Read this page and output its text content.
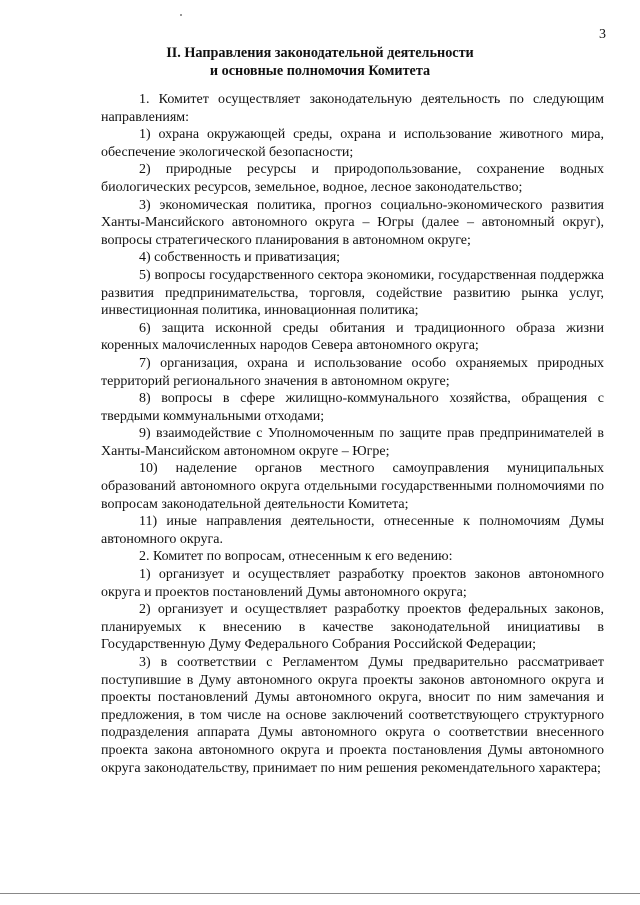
3
II. Направления законодательной деятельности
и основные полномочия Комитета

1. Комитет осуществляет законодательную деятельность по следующим направлениям:

1) охрана окружающей среды, охрана и использование животного мира, обеспечение экологической безопасности;

2) природные ресурсы и природопользование, сохранение водных биологических ресурсов, земельное, водное, лесное законодательство;

3) экономическая политика, прогноз социально-экономического развития Ханты-Мансийского автономного округа – Югры (далее – автономный округ), вопросы стратегического планирования в автономном округе;

4) собственность и приватизация;

5) вопросы государственного сектора экономики, государственная поддержка развития предпринимательства, торговля, содействие развитию рынка услуг, инвестиционная политика, инновационная политика;

6) защита исконной среды обитания и традиционного образа жизни коренных малочисленных народов Севера автономного округа;

7) организация, охрана и использование особо охраняемых природных территорий регионального значения в автономном округе;

8) вопросы в сфере жилищно-коммунального хозяйства, обращения с твердыми коммунальными отходами;

9) взаимодействие с Уполномоченным по защите прав предпринимателей в Ханты-Мансийском автономном округе – Югре;

10) наделение органов местного самоуправления муниципальных образований автономного округа отдельными государственными полномочиями по вопросам законодательной деятельности Комитета;

11) иные направления деятельности, отнесенные к полномочиям Думы автономного округа.

2. Комитет по вопросам, отнесенным к его ведению:

1) организует и осуществляет разработку проектов законов автономного округа и проектов постановлений Думы автономного округа;

2) организует и осуществляет разработку проектов федеральных законов, планируемых к внесению в качестве законодательной инициативы в Государственную Думу Федерального Собрания Российской Федерации;

3) в соответствии с Регламентом Думы предварительно рассматривает поступившие в Думу автономного округа проекты законов автономного округа и проекты постановлений Думы автономного округа, вносит по ним замечания и предложения, в том числе на основе заключений соответствующего структурного подразделения аппарата Думы автономного округа о соответствии внесенного проекта закона автономного округа и проекта постановления Думы автономного округа законодательству, принимает по ним решения рекомендательного характера;
